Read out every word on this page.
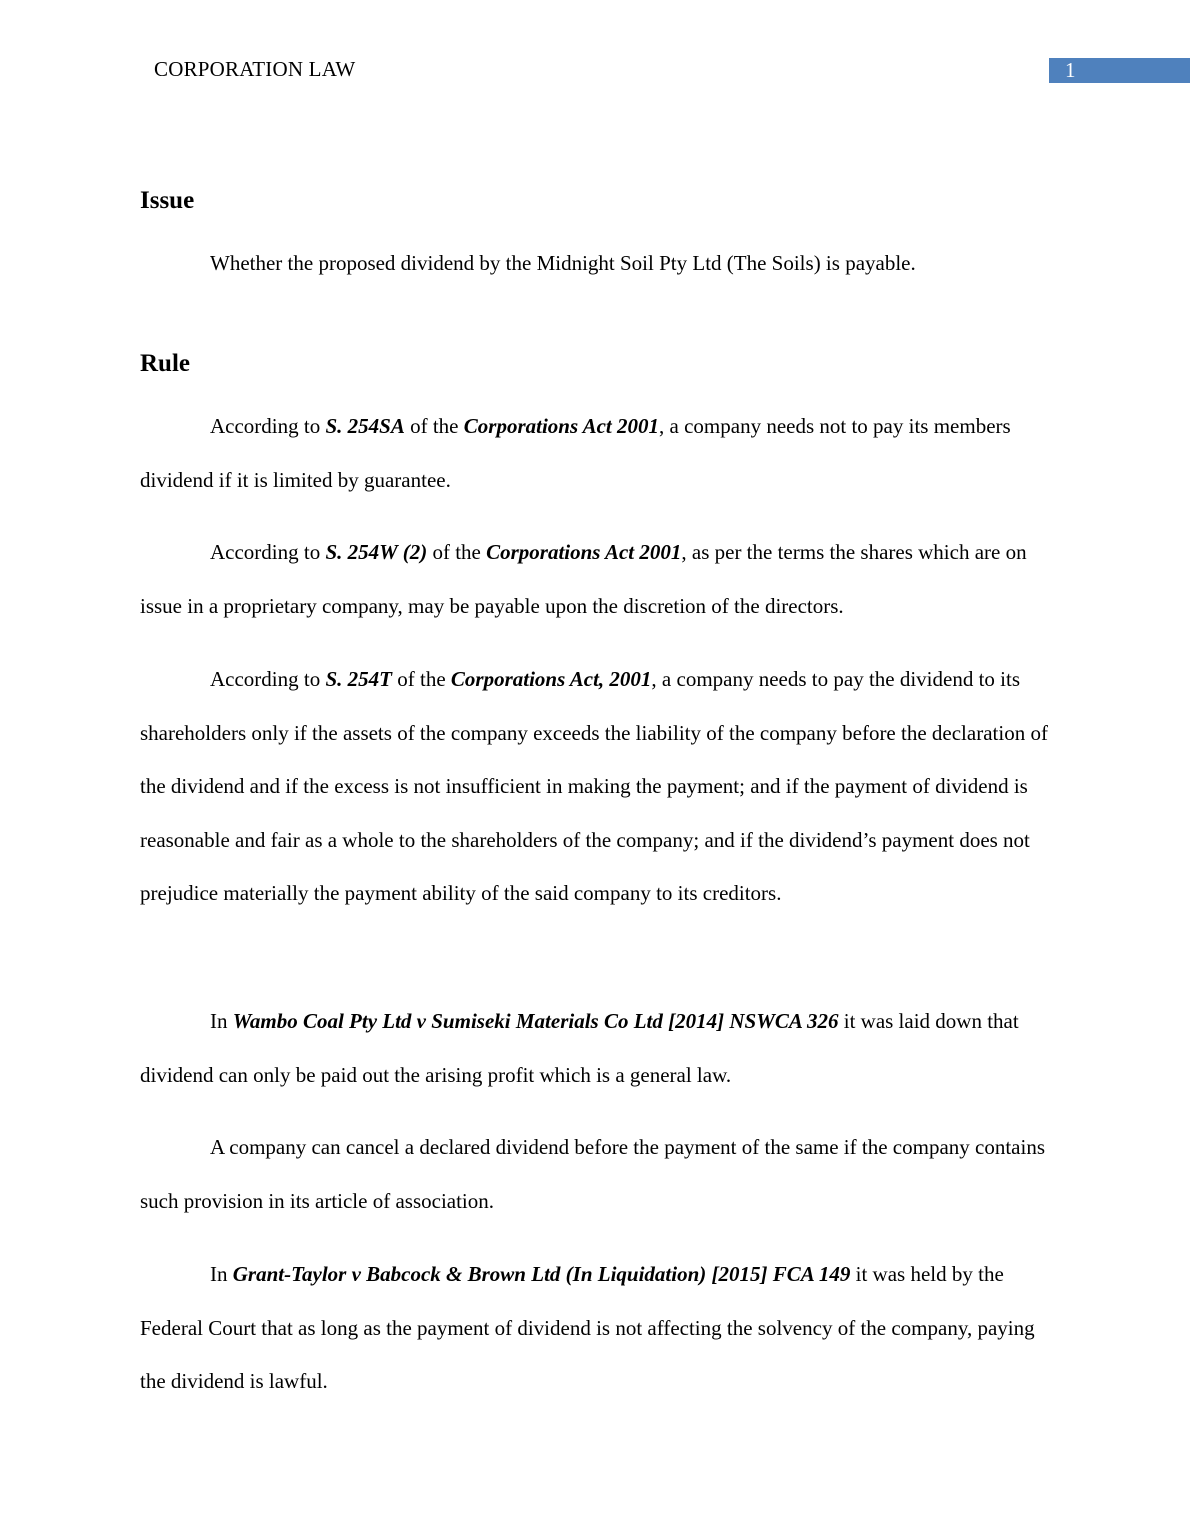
CORPORATION LAW	1
Issue

Whether the proposed dividend by the Midnight Soil Pty Ltd (The Soils) is payable.

Rule

According to S. 254SA of the Corporations Act 2001, a company needs not to pay its members dividend if it is limited by guarantee.

According to S. 254W (2) of the Corporations Act 2001, as per the terms the shares which are on issue in a proprietary company, may be payable upon the discretion of the directors.

According to S. 254T of the Corporations Act, 2001, a company needs to pay the dividend to its shareholders only if the assets of the company exceeds the liability of the company before the declaration of the dividend and if the excess is not insufficient in making the payment; and if the payment of dividend is reasonable and fair as a whole to the shareholders of the company; and if the dividend’s payment does not prejudice materially the payment ability of the said company to its creditors.

In Wambo Coal Pty Ltd v Sumiseki Materials Co Ltd [2014] NSWCA 326 it was laid down that dividend can only be paid out the arising profit which is a general law.

A company can cancel a declared dividend before the payment of the same if the company contains such provision in its article of association.

In Grant-Taylor v Babcock & Brown Ltd (In Liquidation) [2015] FCA 149 it was held by the Federal Court that as long as the payment of dividend is not affecting the solvency of the company, paying the dividend is lawful.
